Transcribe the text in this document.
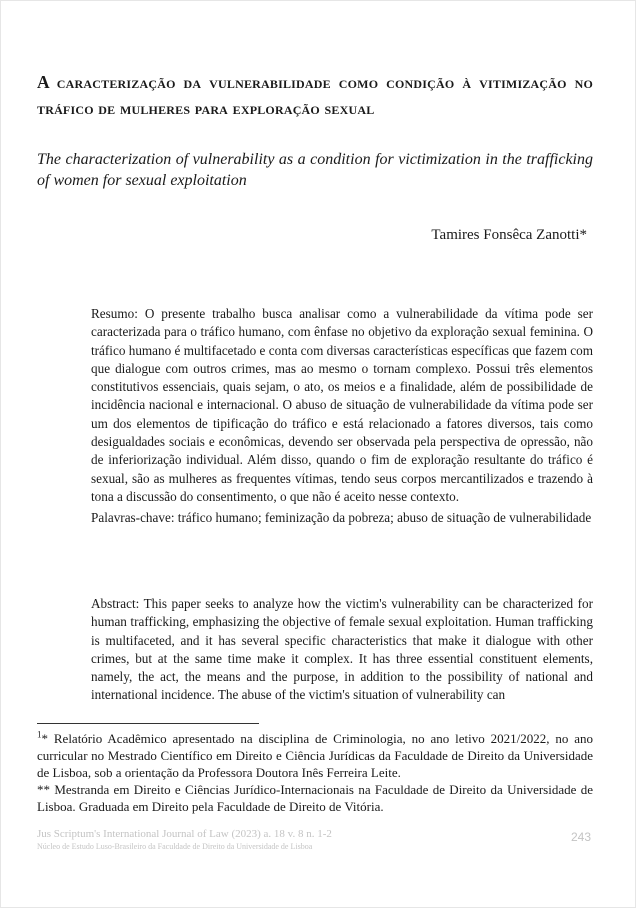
A caracterização da vulnerabilidade como condição à vitimização no tráfico de mulheres para exploração sexual
The characterization of vulnerability as a condition for victimization in the trafficking of women for sexual exploitation
Tamires Fonsêca Zanotti*

Resumo: O presente trabalho busca analisar como a vulnerabilidade da vítima pode ser caracterizada para o tráfico humano, com ênfase no objetivo da exploração sexual feminina. O tráfico humano é multifacetado e conta com diversas características específicas que fazem com que dialogue com outros crimes, mas ao mesmo o tornam complexo. Possui três elementos constitutivos essenciais, quais sejam, o ato, os meios e a finalidade, além de possibilidade de incidência nacional e internacional. O abuso de situação de vulnerabilidade da vítima pode ser um dos elementos de tipificação do tráfico e está relacionado a fatores diversos, tais como desigualdades sociais e econômicas, devendo ser observada pela perspectiva de opressão, não de inferiorização individual. Além disso, quando o fim de exploração resultante do tráfico é sexual, são as mulheres as frequentes vítimas, tendo seus corpos mercantilizados e trazendo à tona a discussão do consentimento, o que não é aceito nesse contexto.

Palavras-chave: tráfico humano; feminização da pobreza; abuso de situação de vulnerabilidade

Abstract: This paper seeks to analyze how the victim's vulnerability can be characterized for human trafficking, emphasizing the objective of female sexual exploitation. Human trafficking is multifaceted, and it has several specific characteristics that make it dialogue with other crimes, but at the same time make it complex. It has three essential constituent elements, namely, the act, the means and the purpose, in addition to the possibility of national and international incidence. The abuse of the victim's situation of vulnerability can

$^1$* Relatório Acadêmico apresentado na disciplina de Criminologia, no ano letivo 2021/2022, no ano curricular no Mestrado Científico em Direito e Ciência Jurídicas da Faculdade de Direito da Universidade de Lisboa, sob a orientação da Professora Doutora Inês Ferreira Leite.

** Mestranda em Direito e Ciências Jurídico-Internacionais na Faculdade de Direito da Universidade de Lisboa. Graduada em Direito pela Faculdade de Direito de Vitória.

Jus Scriptum's International Journal of Law (2023) a. 18 v. 8 n. 1-2
Núcleo de Estudo Luso-Brasileiro da Faculdade de Direito da Universidade de Lisboa
243
